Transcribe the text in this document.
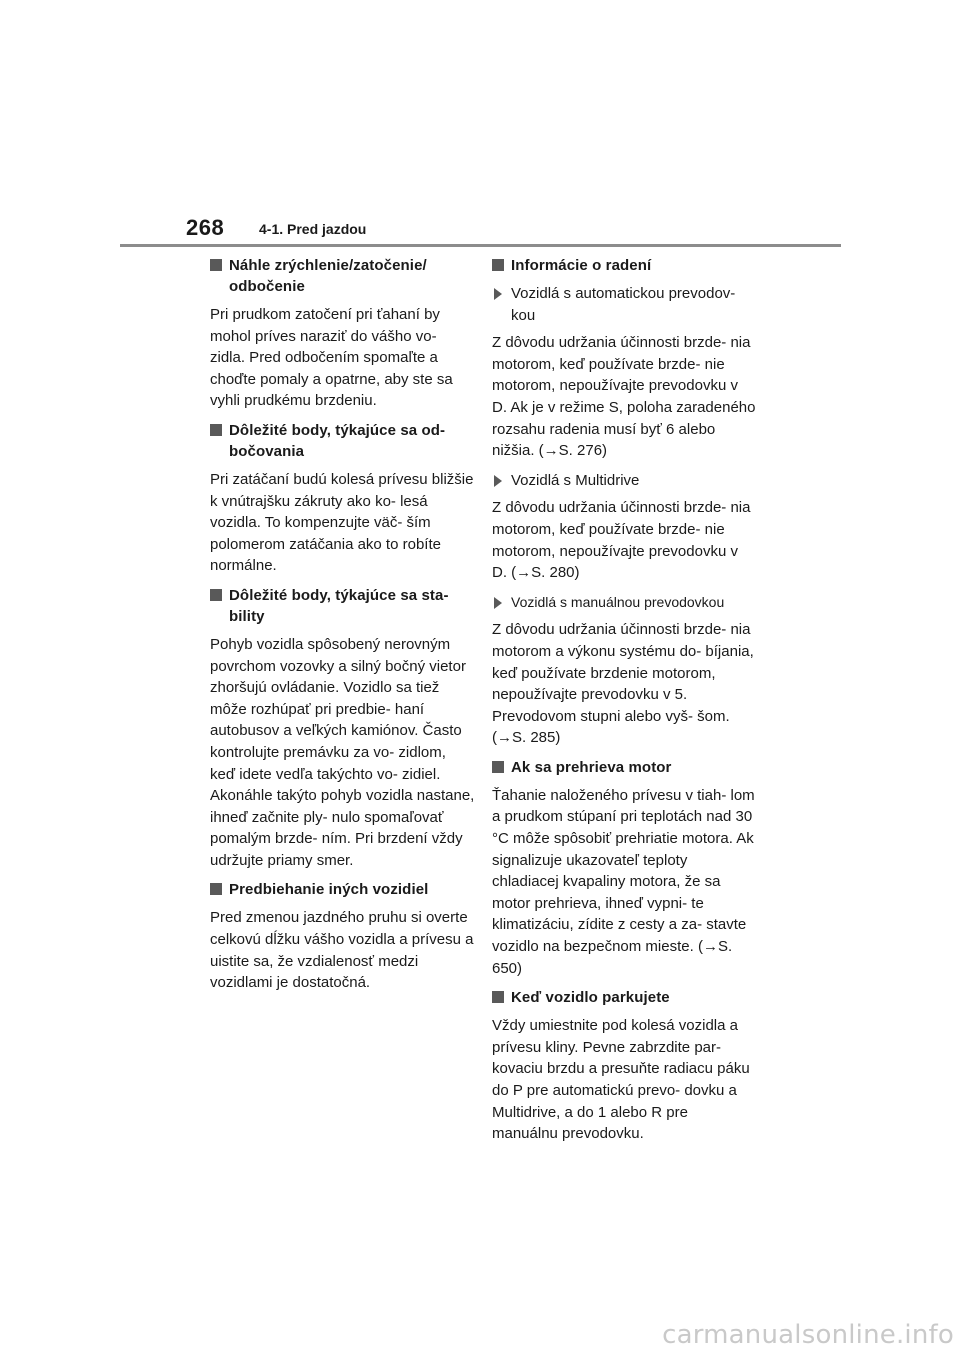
268 4-1. Pred jazdou
Náhle zrýchlenie/zatočenie/ odbočenie

Pri prudkom zatočení pri ťahaní by mohol príves naraziť do vášho vo- zidla. Pred odbočením spomaľte a choďte pomaly a opatrne, aby ste sa vyhli prudkému brzdeniu.

Dôležité body, týkajúce sa od- bočovania

Pri zatáčaní budú kolesá prívesu bližšie k vnútrajšku zákruty ako ko- lesá vozidla. To kompenzujte väč- ším polomerom zatáčania ako to robíte normálne.

Dôležité body, týkajúce sa sta- bility

Pohyb vozidla spôsobený nerovným povrchom vozovky a silný bočný vietor zhoršujú ovládanie. Vozidlo sa tiež môže rozhúpať pri predbie- haní autobusov a veľkých kamiónov. Často kontrolujte premávku za vo- zidlom, keď idete vedľa takýchto vo- zidiel. Akonáhle takýto pohyb vozidla nastane, ihneď začnite ply- nulo spomaľovať pomalým brzde- ním. Pri brzdení vždy udržujte priamy smer.

Predbiehanie iných vozidiel

Pred zmenou jazdného pruhu si overte celkovú dĺžku vášho vozidla a prívesu a uistite sa, že vzdialenosť medzi vozidlami je dostatočná.

Informácie o radení
Vozidlá s automatickou prevodov- kou

Z dôvodu udržania účinnosti brzde- nia motorom, keď používate brzde- nie motorom, nepoužívajte prevodovku v D. Ak je v režime S, poloha zaradeného rozsahu radenia musí byť 6 alebo nižšia. (→S. 276)

Vozidlá s Multidrive

Z dôvodu udržania účinnosti brzde- nia motorom, keď používate brzde- nie motorom, nepoužívajte prevodovku v D. (→S. 280)

Vozidlá s manuálnou prevodovkou

Z dôvodu udržania účinnosti brzde- nia motorom a výkonu systému do- bíjania, keď používate brzdenie motorom, nepoužívajte prevodovku v 5. Prevodovom stupni alebo vyš- šom. (→S. 285)

Ak sa prehrieva motor

Ťahanie naloženého prívesu v tiah- lom a prudkom stúpaní pri teplotách nad 30 °C môže spôsobiť prehriatie motora. Ak signalizuje ukazovateľ teploty chladiacej kvapaliny motora, že sa motor prehrieva, ihneď vypni- te klimatizáciu, zídite z cesty a za- stavte vozidlo na bezpečnom mieste. (→S. 650)

Keď vozidlo parkujete

Vždy umiestnite pod kolesá vozidla a prívesu kliny. Pevne zabrzdite par- kovaciu brzdu a presuňte radiacu páku do P pre automatickú prevo- dovku a Multidrive, a do 1 alebo R pre manuálnu prevodovku.

carmanualsonline.info
